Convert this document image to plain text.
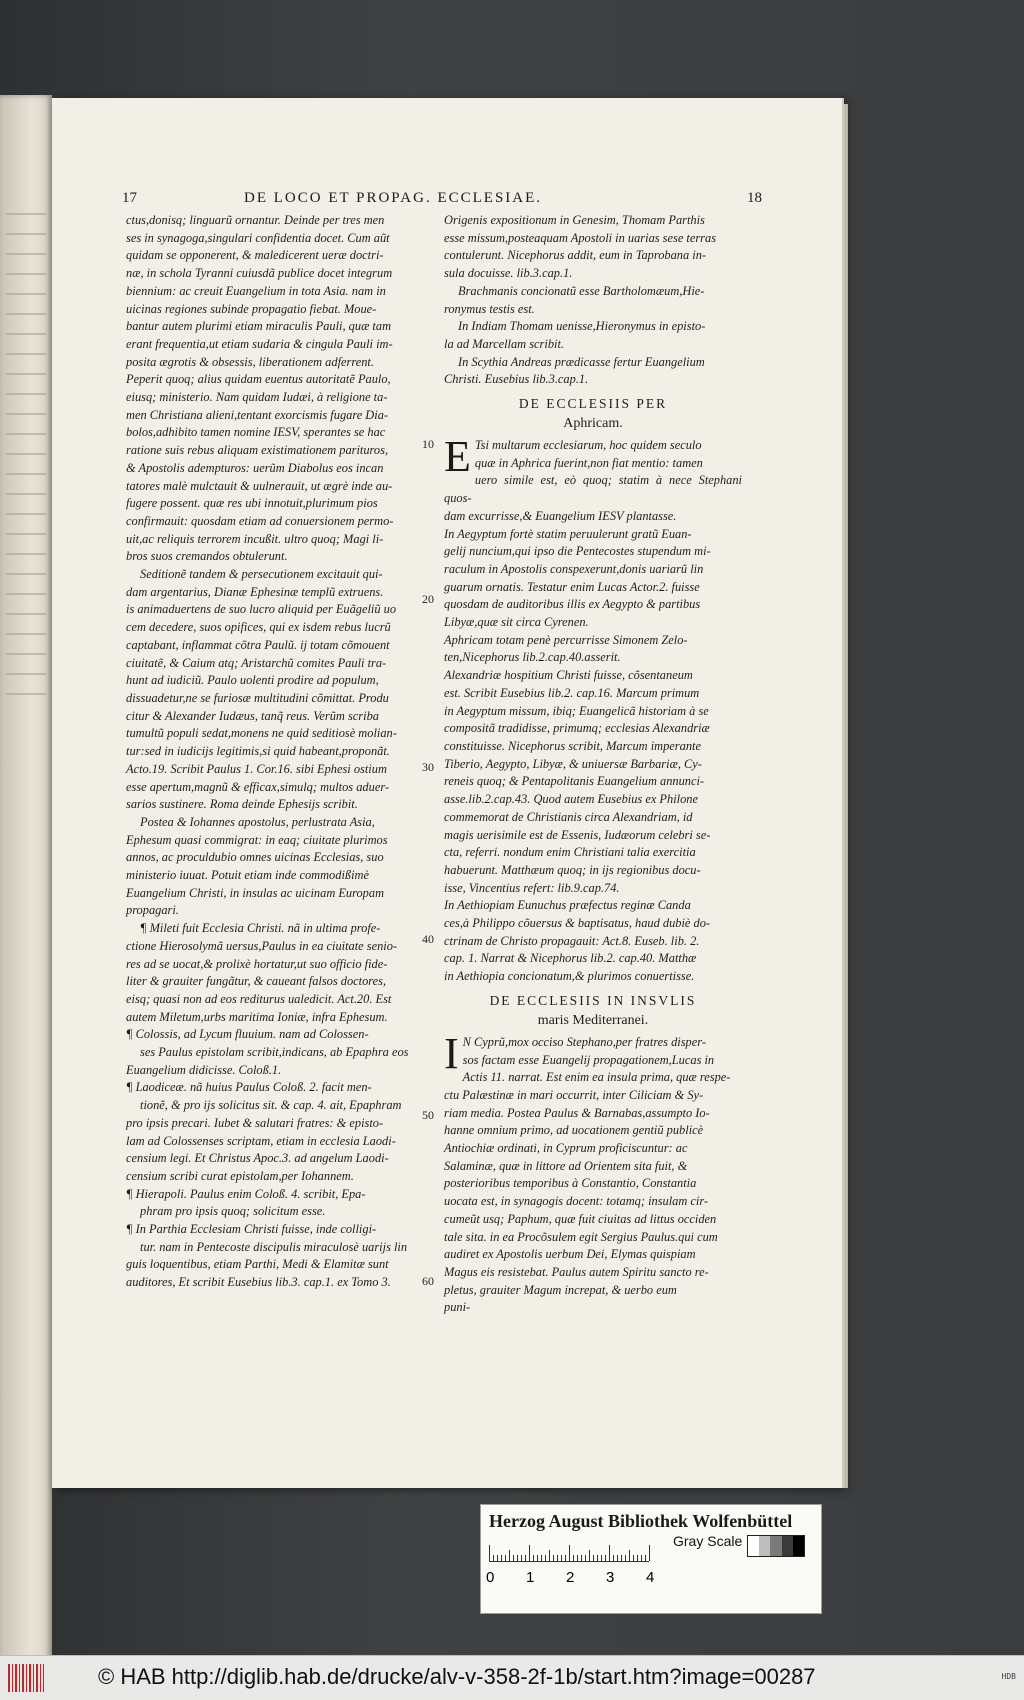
17	DE LOCO ET PROPAG. ECCLESIAE.	18

ctus,donisq; linguarũ ornantur. Deinde per tres men

ses in synagoga,singulari confidentia docet. Cum aũt

quidam se opponerent, & maledicerent ueræ doctri-

næ, in schola Tyranni cuiusdã publice docet integrum

biennium: ac creuit Euangelium in tota Asia. nam in

uicinas regiones subinde propagatio fiebat. Moue-

bantur autem plurimi etiam miraculis Pauli, quæ tam

erant frequentia,ut etiam sudaria & cingula Pauli im-

posita ægrotis & obsessis, liberationem adferrent.

Peperit quoq; alius quidam euentus autoritatẽ Paulo,

eiusq; ministerio. Nam quidam Iudæi, à religione ta-

men Christiana alieni,tentant exorcismis fugare Dia-

bolos,adhibito tamen nomine IESV, sperantes se hac

ratione suis rebus aliquam existimationem parituros,

& Apostolis adempturos: uerũm Diabolus eos incan

tatores malè mulctauit & uulnerauit, ut ægrè inde au-

fugere possent. quæ res ubi innotuit,plurimum pios

confirmauit: quosdam etiam ad conuersionem permo-

uit,ac reliquis terrorem incußit. ultro quoq; Magi li-

bros suos cremandos obtulerunt.

Seditionẽ tandem & persecutionem excitauit qui-

dam argentarius, Dianæ Ephesinæ templũ extruens.

is animaduertens de suo lucro aliquid per Euãgeliũ uo

cem decedere, suos opifices, qui ex isdem rebus lucrũ

captabant, inflammat cõtra Paulũ. ij totam cõmouent

ciuitatẽ, & Caium atq; Aristarchũ comites Pauli tra-

hunt ad iudiciũ. Paulo uolenti prodire ad populum,

dissuadetur,ne se furiosæ multitudini cõmittat. Produ

citur & Alexander Iudæus, tanq̃ reus. Verũm scriba

tumultũ populi sedat,monens ne quid seditiosè molian-

tur:sed in iudicijs legitimis,si quid habeant,proponãt.

Acto.19. Scribit Paulus 1. Cor.16. sibi Ephesi ostium

esse apertum,magnũ & efficax,simulq; multos aduer-

sarios sustinere. Roma deinde Ephesijs scribit.

Postea & Iohannes apostolus, perlustrata Asia,

Ephesum quasi commigrat: in eaq; ciuitate plurimos

annos, ac proculdubio omnes uicinas Ecclesias, suo

ministerio iuuat. Potuit etiam inde commodißimè

Euangelium Christi, in insulas ac uicinam Europam

propagari.

¶ Mileti fuit Ecclesia Christi. nã in ultima profe-

ctione Hierosolymã uersus,Paulus in ea ciuitate senio-

res ad se uocat,& prolixè hortatur,ut suo officio fide-

liter & grauiter fungãtur, & caueant falsos doctores,

eisq; quasi non ad eos rediturus ualedicit. Act.20. Est

autem Miletum,urbs maritima Ioniæ, infra Ephesum.

¶ Colossis, ad Lycum fluuium. nam ad Colossen-

ses Paulus epistolam scribit,indicans, ab Epaphra eos

Euangelium didicisse. Coloß.1.

¶ Laodiceæ. nã huius Paulus Coloß. 2. facit men-

tionẽ, & pro ijs solicitus sit. & cap. 4. ait, Epaphram

pro ipsis precari. Iubet & salutari fratres: & episto-

lam ad Colossenses scriptam, etiam in ecclesia Laodi-

censium legi. Et Christus Apoc.3. ad angelum Laodi-

censium scribi curat epistolam,per Iohannem.

¶ Hierapoli. Paulus enim Coloß. 4. scribit, Epa-

phram pro ipsis quoq; solicitum esse.

¶ In Parthia Ecclesiam Christi fuisse, inde colligi-

tur. nam in Pentecoste discipulis miraculosè uarijs lin

guis loquentibus, etiam Parthi, Medi & Elamitæ sunt

auditores, Et scribit Eusebius lib.3. cap.1. ex Tomo 3.

10
20
30
40
50
60

Origenis expositionum in Genesim, Thomam Parthis

esse missum,posteaquam Apostoli in uarias sese terras

contulerunt. Nicephorus addit, eum in Taprobana in-

sula docuisse. lib.3.cap.1.

Brachmanis concionatũ esse Bartholomæum,Hie-

ronymus testis est.

In Indiam Thomam uenisse,Hieronymus in episto-

la ad Marcellam scribit.

In Scythia Andreas prædicasse fertur Euangelium

Christi. Eusebius lib.3.cap.1.

DE ECCLESIIS PER
Aphricam.
E Tsi multarum ecclesiarum, hoc quidem seculo

quæ in Aphrica fuerint,non fiat mentio: tamen

uero simile est, eò quoq; statim à nece Stephani quos-

dam excurrisse,& Euangelium IESV plantasse.

In Aegyptum fortè statim peruulerunt gratũ Euan-

gelij nuncium,qui ipso die Pentecostes stupendum mi-

raculum in Apostolis conspexerunt,donis uariarũ lin

guarum ornatis. Testatur enim Lucas Actor.2. fuisse

quosdam de auditoribus illis ex Aegypto & partibus

Libyæ,quæ sit circa Cyrenen.

Aphricam totam penè percurrisse Simonem Zelo-

ten,Nicephorus lib.2.cap.40.asserit.

Alexandriæ hospitium Christi fuisse, cõsentaneum

est. Scribit Eusebius lib.2. cap.16. Marcum primum

in Aegyptum missum, ibiq; Euangelicã historiam à se

compositã tradidisse, primumq; ecclesias Alexandriæ

constituisse. Nicephorus scribit, Marcum imperante

Tiberio, Aegypto, Libyæ, & uniuersæ Barbariæ, Cy-

reneis quoq; & Pentapolitanis Euangelium annunci-

asse.lib.2.cap.43. Quod autem Eusebius ex Philone

commemorat de Christianis circa Alexandriam, id

magis uerisimile est de Essenis, Iudæorum celebri se-

cta, referri. nondum enim Christiani talia exercitia

habuerunt. Matthæum quoq; in ijs regionibus docu-

isse, Vincentius refert: lib.9.cap.74.

In Aethiopiam Eunuchus præfectus reginæ Canda

ces,à Philippo cõuersus & baptisatus, haud dubiè do-

ctrinam de Christo propagauit: Act.8. Euseb. lib. 2.

cap. 1. Narrat & Nicephorus lib.2. cap.40. Matthæ

in Aethiopia concionatum,& plurimos conuertisse.

DE ECCLESIIS IN INSVLIS
maris Mediterranei.
I N Cyprũ,mox occiso Stephano,per fratres disper-

sos factam esse Euangelij propagationem,Lucas in

Actis 11. narrat. Est enim ea insula prima, quæ respe-

ctu Palæstinæ in mari occurrit, inter Ciliciam & Sy-

riam media. Postea Paulus & Barnabas,assumpto Io-

hanne omnium primo, ad uocationem gentiũ publicè

Antiochiæ ordinati, in Cyprum proficiscuntur: ac

Salaminæ, quæ in littore ad Orientem sita fuit, &

posterioribus temporibus à Constantio, Constantia

uocata est, in synagogis docent: totamq; insulam cir-

cumeũt usq; Paphum, quæ fuit ciuitas ad littus occiden

tale sita. in ea Procõsulem egit Sergius Paulus.qui cum

audiret ex Apostolis uerbum Dei, Elymas quispiam

Magus eis resistebat. Paulus autem Spiritu sancto re-

pletus, grauiter Magum increpat, & uerbo eum

puni-

Herzog August Bibliothek Wolfenbüttel
0 1 2 3 4
Gray Scale
© HAB http://diglib.hab.de/drucke/alv-v-358-2f-1b/start.htm?image=00287	HDB
